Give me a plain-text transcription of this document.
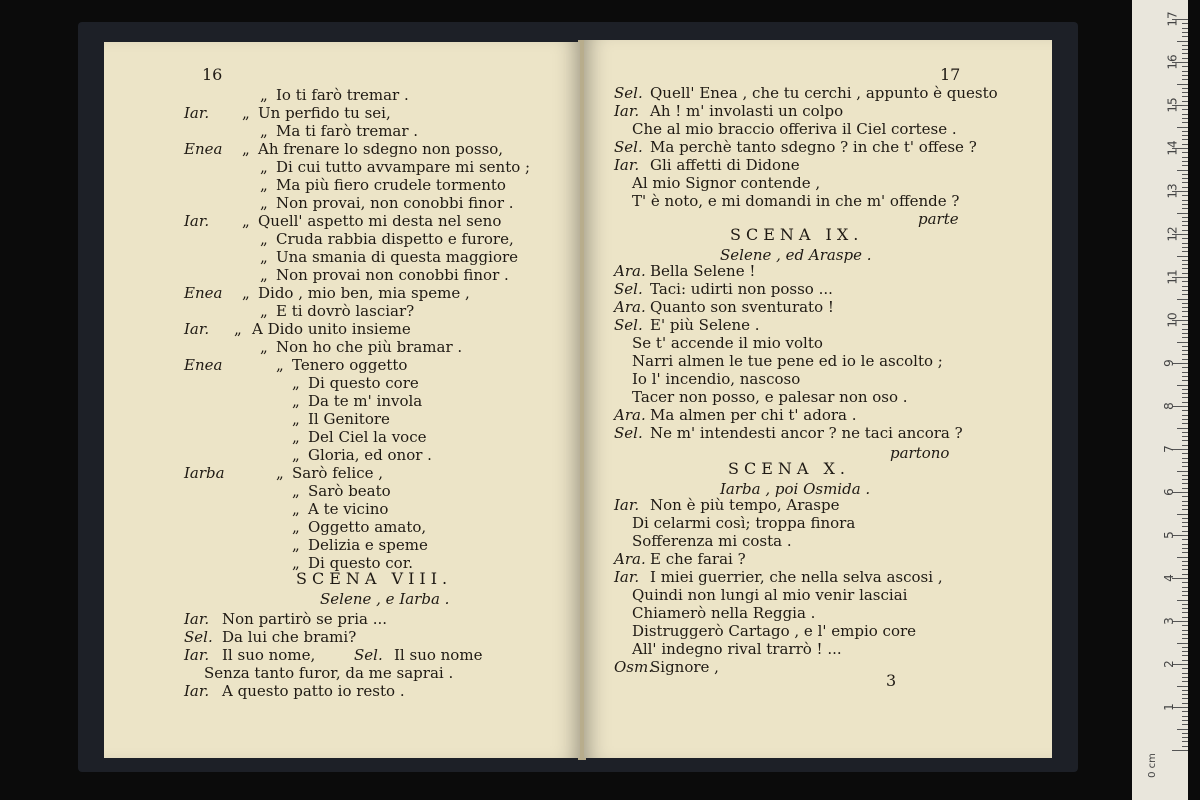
16
„ Io ti farò tremar .
Iar. „ Un perfido tu sei,
„ Ma ti farò tremar .
Enea „ Ah frenare lo sdegno non posso,
„ Di cui tutto avvampare mi sento ;
„ Ma più fiero crudele tormento
„ Non provai, non conobbi finor .
Iar. „ Quell' aspetto mi desta nel seno
„ Cruda rabbia dispetto e furore,
„ Una smania di questa maggiore
„ Non provai non conobbi finor .
Enea „ Dido , mio ben, mia speme ,
„ E ti dovrò lasciar?
Iar. „ A Dido unito insieme
„ Non ho che più bramar .
Enea	„ Tenero oggetto
„ Di questo core
„ Da te m' invola
„ Il Genitore
„ Del Ciel la voce
„ Gloria, ed onor .
Iarba	„ Sarò felice ,
„ Sarò beato
„ A te vicino
„ Oggetto amato,
„ Delizia e speme
„ Di questo cor.
SCENA VIII.
Selene , e Iarba .
Iar. Non partirò se pria ...
Sel. Da lui che brami?
Iar. Il suo nome,	Sel. Il suo nome
Senza tanto furor, da me saprai .
Iar. A questo patto io resto .
17
Sel. Quell' Enea , che tu cerchi , appunto è questo
Iar. Ah ! m' involasti un colpo
Che al mio braccio offeriva il Ciel cortese .
Sel. Ma perchè tanto sdegno ? in che t' offese ?
Iar. Gli affetti di Didone
Al mio Signor contende ,
T' è noto, e mi domandi in che m' offende ?
parte
SCENA IX.
Selene , ed Araspe .
Ara. Bella Selene !
Sel. Taci: udirti non posso ...
Ara. Quanto son sventurato !
Sel. E' più Selene .
Se t' accende il mio volto
Narri almen le tue pene ed io le ascolto ;
Io l' incendio, nascoso
Tacer non posso, e palesar non oso .
Ara. Ma almen per chi t' adora .
Sel. Ne m' intendesti ancor ? ne taci ancora ?
partono
SCENA X.
Iarba , poi Osmida .
Iar. Non è più tempo, Araspe
Di celarmi così; troppa finora
Sofferenza mi costa .
Ara. E che farai ?
Iar. I miei guerrier, che nella selva ascosi ,
Quindi non lungi al mio venir lasciai
Chiamerò nella Reggia .
Distruggerò Cartago , e l' empio core
All' indegno rival trarrò ! ...
Osm.
Signore ,
3
0 cm
1
2
3
4
5
6
7
8
9
10
11
12
13
14
15
16
17
